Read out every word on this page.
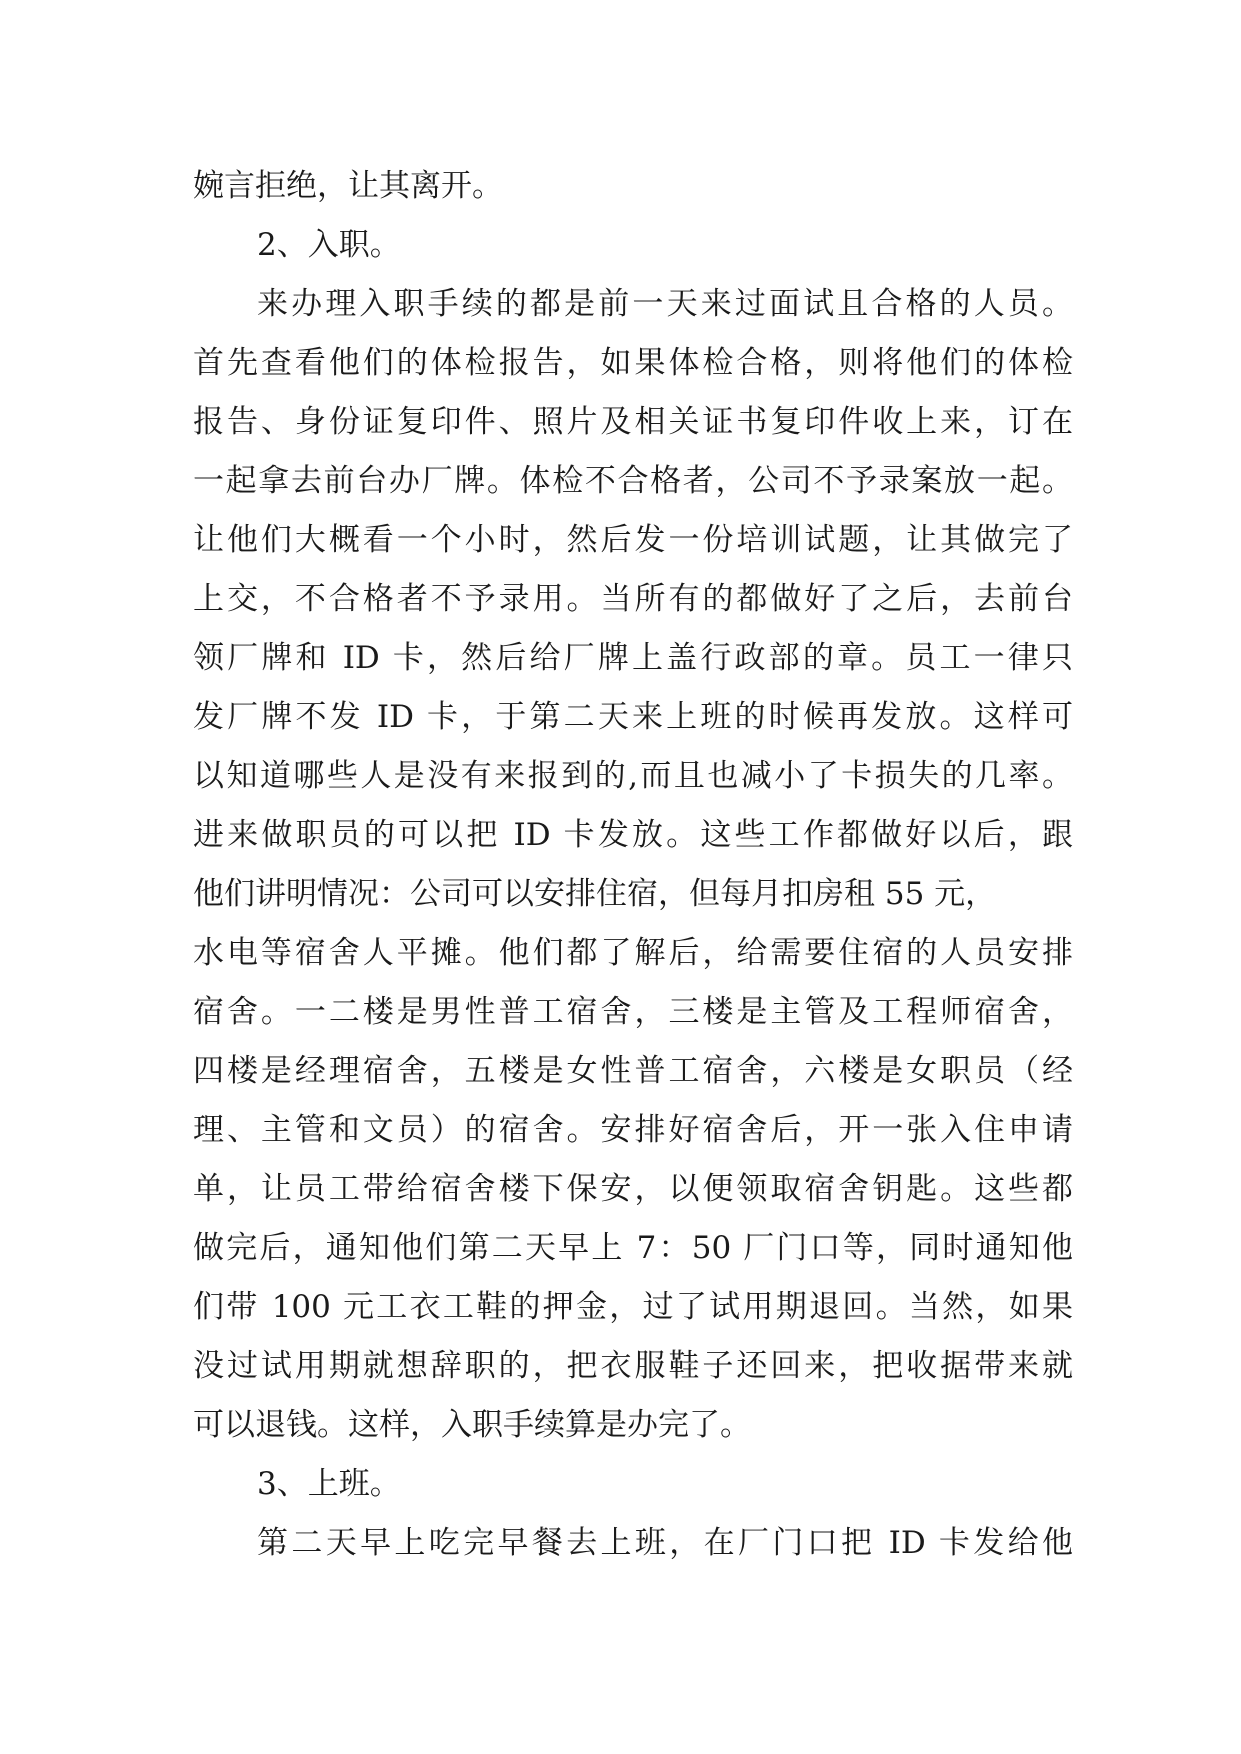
婉言拒绝，让其离开。
2、入职。
来办理入职手续的都是前一天来过面试且合格的人员。
首先查看他们的体检报告，如果体检合格，则将他们的体检
报告、身份证复印件、照片及相关证书复印件收上来，订在
一起拿去前台办厂牌。体检不合格者，公司不予录案放一起。
让他们大概看一个小时，然后发一份培训试题，让其做完了
上交，不合格者不予录用。当所有的都做好了之后，去前台
领厂牌和 ID 卡，然后给厂牌上盖行政部的章。员工一律只
发厂牌不发 ID 卡，于第二天来上班的时候再发放。这样可
以知道哪些人是没有来报到的,而且也减小了卡损失的几率。
进来做职员的可以把 ID 卡发放。这些工作都做好以后，跟
他们讲明情况：公司可以安排住宿，但每月扣房租 55 元，
水电等宿舍人平摊。他们都了解后，给需要住宿的人员安排
宿舍。一二楼是男性普工宿舍，三楼是主管及工程师宿舍，
四楼是经理宿舍，五楼是女性普工宿舍，六楼是女职员（经
理、主管和文员）的宿舍。安排好宿舍后，开一张入住申请
单，让员工带给宿舍楼下保安，以便领取宿舍钥匙。这些都
做完后，通知他们第二天早上 7：50 厂门口等，同时通知他
们带 100 元工衣工鞋的押金，过了试用期退回。当然，如果
没过试用期就想辞职的，把衣服鞋子还回来，把收据带来就
可以退钱。这样，入职手续算是办完了。
3、上班。
第二天早上吃完早餐去上班，在厂门口把 ID 卡发给他
